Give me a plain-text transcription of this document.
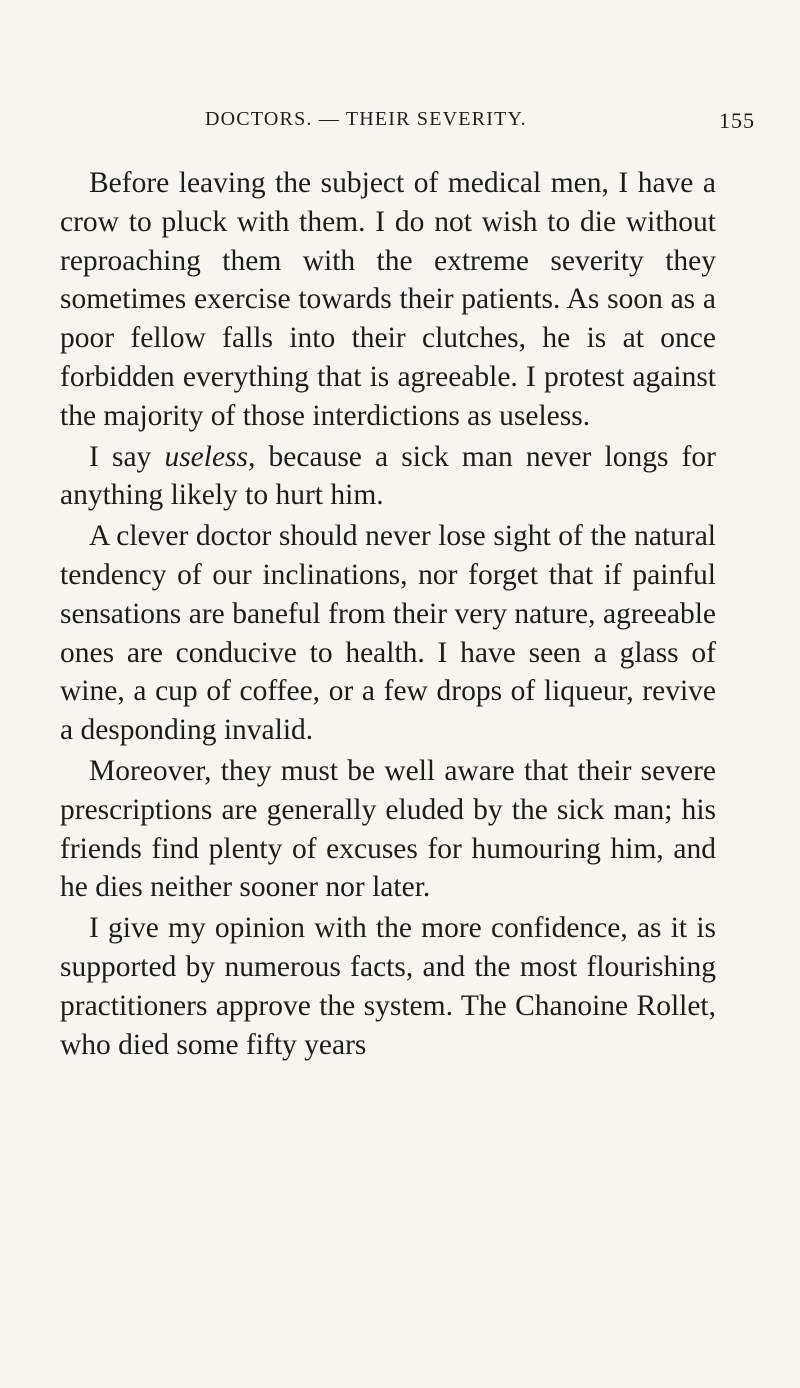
DOCTORS. — THEIR SEVERITY.	155

Before leaving the subject of medical men, I have a crow to pluck with them. I do not wish to die without reproaching them with the extreme severity they sometimes exercise towards their patients. As soon as a poor fellow falls into their clutches, he is at once forbidden everything that is agreeable. I protest against the majority of those interdictions as useless.

I say useless, because a sick man never longs for anything likely to hurt him.

A clever doctor should never lose sight of the natural tendency of our inclinations, nor forget that if painful sensations are baneful from their very nature, agreeable ones are conducive to health. I have seen a glass of wine, a cup of coffee, or a few drops of liqueur, revive a desponding invalid.

Moreover, they must be well aware that their severe prescriptions are generally eluded by the sick man; his friends find plenty of excuses for humouring him, and he dies neither sooner nor later.

I give my opinion with the more confidence, as it is supported by numerous facts, and the most flourishing practitioners approve the system. The Chanoine Rollet, who died some fifty years
